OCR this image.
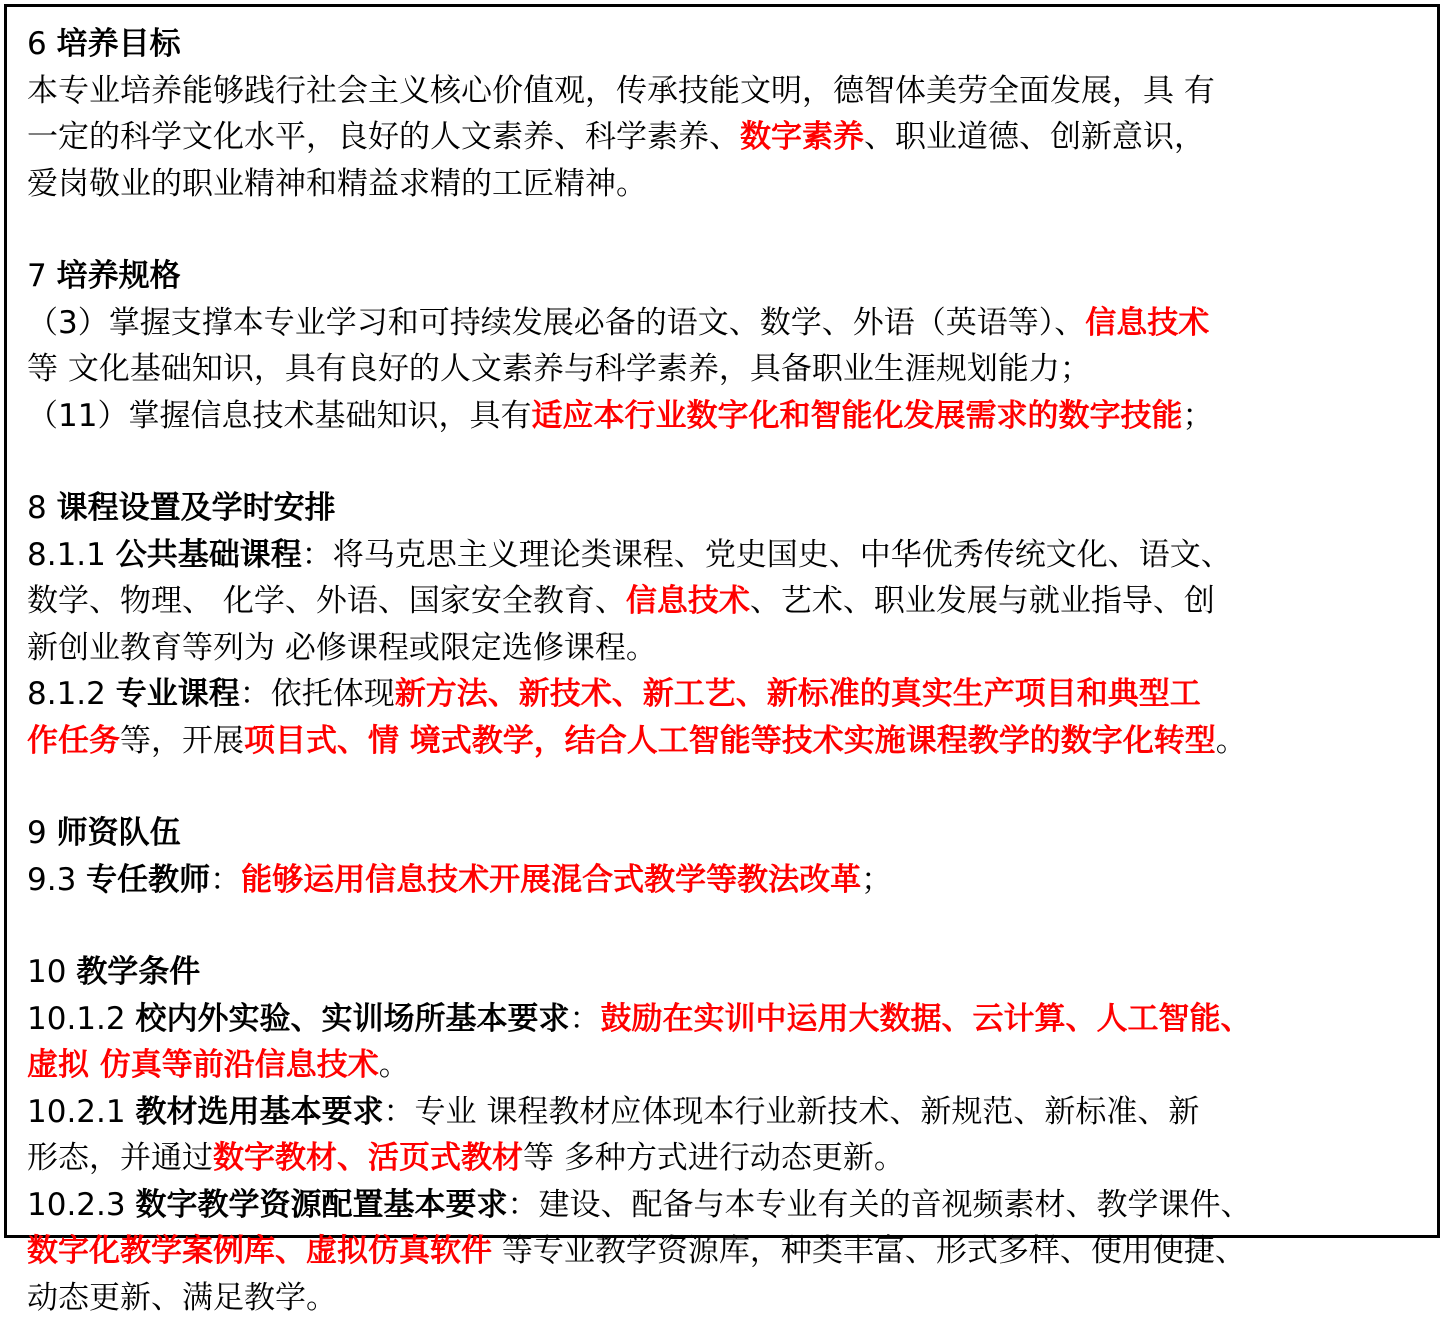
6 培养目标
本专业培养能够践行社会主义核心价值观，传承技能文明，德智体美劳全面发展，具 有
一定的科学文化水平，良好的人文素养、科学素养、数字素养、职业道德、创新意识，
爱岗敬业的职业精神和精益求精的工匠精神。
7 培养规格
（3）掌握支撑本专业学习和可持续发展必备的语文、数学、外语（英语等）、信息技术
等 文化基础知识，具有良好的人文素养与科学素养，具备职业生涯规划能力；
（11）掌握信息技术基础知识，具有适应本行业数字化和智能化发展需求的数字技能；
8 课程设置及学时安排
8.1.1 公共基础课程：将马克思主义理论类课程、党史国史、中华优秀传统文化、语文、
数学、物理、 化学、外语、国家安全教育、信息技术、艺术、职业发展与就业指导、创
新创业教育等列为 必修课程或限定选修课程。
8.1.2 专业课程：依托体现新方法、新技术、新工艺、新标准的真实生产项目和典型工
作任务等，开展项目式、情 境式教学，结合人工智能等技术实施课程教学的数字化转型。
9 师资队伍
9.3 专任教师：能够运用信息技术开展混合式教学等教法改革；
10 教学条件
10.1.2 校内外实验、实训场所基本要求：鼓励在实训中运用大数据、云计算、人工智能、
虚拟 仿真等前沿信息技术。
10.2.1 教材选用基本要求：专业 课程教材应体现本行业新技术、新规范、新标准、新
形态，并通过数字教材、活页式教材等 多种方式进行动态更新。
10.2.3 数字教学资源配置基本要求：建设、配备与本专业有关的音视频素材、教学课件、
数字化教学案例库、虚拟仿真软件 等专业教学资源库，种类丰富、形式多样、使用便捷、
动态更新、满足教学。
